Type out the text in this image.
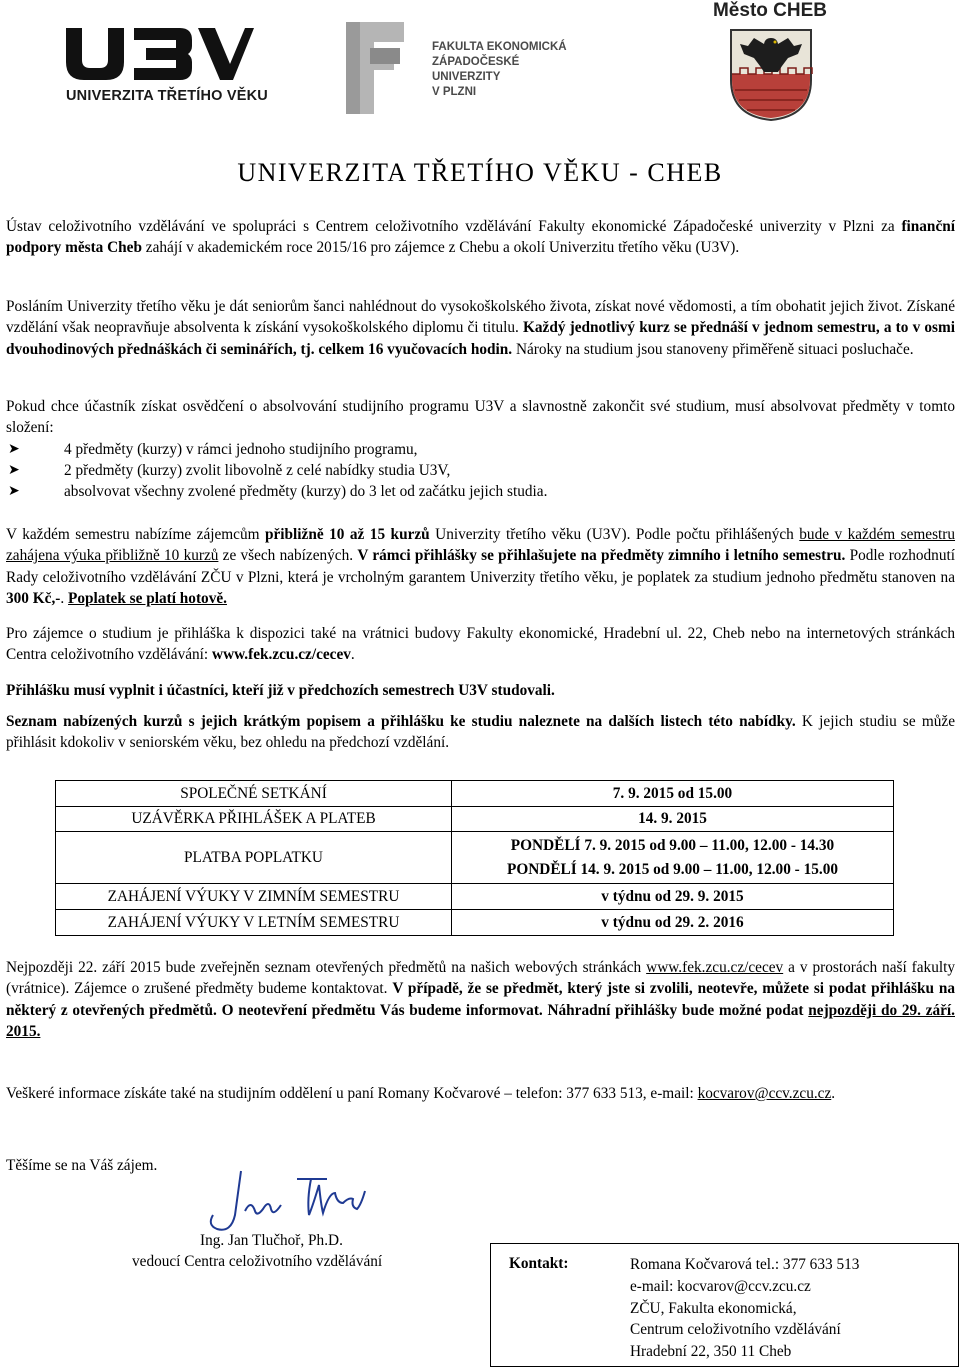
UNIVERZITA TŘETÍHO VĚKU
FAKULTA EKONOMICKÁ
ZÁPADOČESKÉ
UNIVERZITY
V PLZNI
Město CHEB
UNIVERZITA TŘETÍHO VĚKU - CHEB
Ústav celoživotního vzdělávání ve spolupráci s Centrem celoživotního vzdělávání Fakulty ekonomické Západočeské univerzity v Plzni za finanční podpory města Cheb zahájí v akademickém roce 2015/16 pro zájemce z Chebu a okolí Univerzitu třetího věku (U3V).
Posláním Univerzity třetího věku je dát seniorům šanci nahlédnout do vysokoškolského života, získat nové vědomosti, a tím obohatit jejich život. Získané vzdělání však neopravňuje absolventa k získání vysokoškolského diplomu či titulu. Každý jednotlivý kurz se přednáší v jednom semestru, a to v osmi dvouhodinových přednáškách či seminářích, tj. celkem 16 vyučovacích hodin. Nároky na studium jsou stanoveny přiměřeně situaci posluchače.
Pokud chce účastník získat osvědčení o absolvování studijního programu U3V a slavnostně zakončit své studium, musí absolvovat předměty v tomto složení:
➤	4 předměty (kurzy) v rámci jednoho studijního programu,
➤	2 předměty (kurzy) zvolit libovolně z celé nabídky studia U3V,
➤	absolvovat všechny zvolené předměty (kurzy) do 3 let od začátku jejich studia.
V každém semestru nabízíme zájemcům přibližně 10 až 15 kurzů Univerzity třetího věku (U3V). Podle počtu přihlášených bude v každém semestru zahájena výuka přibližně 10 kurzů ze všech nabízených. V rámci přihlášky se přihlašujete na předměty zimního i letního semestru. Podle rozhodnutí Rady celoživotního vzdělávání ZČU v Plzni, která je vrcholným garantem Univerzity třetího věku, je poplatek za studium jednoho předmětu stanoven na 300 Kč,-. Poplatek se platí hotově.
Pro zájemce o studium je přihláška k dispozici také na vrátnici budovy Fakulty ekonomické, Hradební ul. 22, Cheb nebo na internetových stránkách Centra celoživotního vzdělávání: www.fek.zcu.cz/cecev.
Přihlášku musí vyplnit i účastníci, kteří již v předchozích semestrech U3V studovali.
Seznam nabízených kurzů s jejich krátkým popisem a přihlášku ke studiu naleznete na dalších listech této nabídky. K jejich studiu se může přihlásit kdokoliv v seniorském věku, bez ohledu na předchozí vzdělání.
SPOLEČNÉ SETKÁNÍ	7. 9. 2015 od 15.00
UZÁVĚRKA PŘIHLÁŠEK A PLATEB	14. 9. 2015
PLATBA POPLATKU	PONDĚLÍ 7. 9. 2015 od 9.00 – 11.00, 12.00 - 14.30
PONDĚLÍ 14. 9. 2015 od 9.00 – 11.00, 12.00 - 15.00

ZAHÁJENÍ VÝUKY V ZIMNÍM SEMESTRU	v týdnu od 29. 9. 2015
ZAHÁJENÍ VÝUKY V LETNÍM SEMESTRU	v týdnu od 29. 2. 2016
Nejpozději 22. září 2015 bude zveřejněn seznam otevřených předmětů na našich webových stránkách www.fek.zcu.cz/cecev a v prostorách naší fakulty (vrátnice). Zájemce o zrušené předměty budeme kontaktovat. V případě, že se předmět, který jste si zvolili, neotevře, můžete si podat přihlášku na některý z otevřených předmětů. O neotevření předmětu Vás budeme informovat. Náhradní přihlášky bude možné podat nejpozději do 29. září. 2015.
Veškeré informace získáte také na studijním oddělení u paní Romany Kočvarové – telefon: 377 633 513, e-mail: kocvarov@ccv.zcu.cz.
Těšíme se na Váš zájem.
Ing. Jan Tlučhoř, Ph.D.
vedoucí Centra celoživotního vzdělávání	Kontakt:	Romana Kočvarová tel.: 377 633 513
e-mail: kocvarov@ccv.zcu.cz
ZČU, Fakulta ekonomická,
Centrum celoživotního vzdělávání
Hradební 22, 350 11 Cheb
